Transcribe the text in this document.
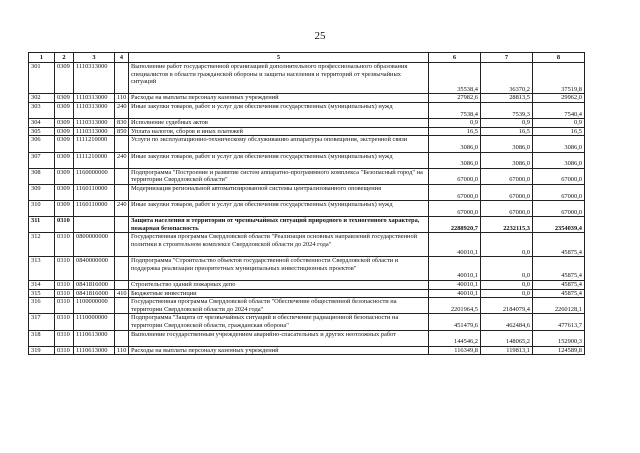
25
1	2	3	4	5	6	7	8
301	0309	1110313000		Выполнение работ государственной организацией дополнительного профессионального образования специалистов в области гражданской обороны и защиты населения и территорий от чрезвычайных ситуаций	35538,4	36370,2	37519,8
302	0309	1110313000	110	Расходы на выплаты персоналу казенных учреждений	27982,6	28813,5	29962,0
303	0309	1110313000	240	Иные закупки товаров, работ и услуг для обеспечения государственных (муниципальных) нужд	7538,4	7539,3	7540,4
304	0309	1110313000	830	Исполнение судебных актов	0,9	0,9	0,9
305	0309	1110313000	850	Уплата налогов, сборов и иных платежей	16,5	16,5	16,5
306	0309	1111210000		Услуги по эксплуатационно-техническому обслуживанию аппаратуры оповещения, экстренной связи	3086,0	3086,0	3086,0
307	0309	1111210000	240	Иные закупки товаров, работ и услуг для обеспечения государственных (муниципальных) нужд	3086,0	3086,0	3086,0
308	0309	1160000000		Подпрограмма "Построение и развитие систем аппаратно-программного комплекса "Безопасный город" на территории Свердловской области"	67000,0	67000,0	67000,0
309	0309	1160110000		Модернизация региональной автоматизированной системы централизованного оповещения	67000,0	67000,0	67000,0
310	0309	1160110000	240	Иные закупки товаров, работ и услуг для обеспечения государственных (муниципальных) нужд	67000,0	67000,0	67000,0
311	0310			Защита населения и территории от чрезвычайных ситуаций природного и техногенного характера, пожарная безопасность	2288920,7	2232115,3	2354039,4
312	0310	0800000000		Государственная программа Свердловской области "Реализация основных направлений государственной политики в строительном комплексе Свердловской области до 2024 года"	40010,1	0,0	45875,4
313	0310	0840000000		Подпрограмма "Строительство объектов государственной собственности Свердловской области и поддержка реализации приоритетных муниципальных инвестиционных проектов"	40010,1	0,0	45875,4
314	0310	0841816000		Строительство зданий пожарных депо	40010,1	0,0	45875,4
315	0310	0841816000	410	Бюджетные инвестиции	40010,1	0,0	45875,4
316	0310	1100000000		Государственная программа Свердловской области "Обеспечение общественной безопасности на территории Свердловской области до 2024 года"	2201964,5	2184079,4	2260128,1
317	0310	1110000000		Подпрограмма "Защита от чрезвычайных ситуаций и обеспечение радиационной безопасности на территории Свердловской области, гражданская оборона"	451479,6	462484,6	477613,7
318	0310	1110613000		Выполнение государственным учреждением аварийно-спасательных и других неотложных работ	144546,2	148065,2	152900,3
319	0310	1110613000	110	Расходы на выплаты персоналу казенных учреждений	116349,8	119813,1	124589,8
